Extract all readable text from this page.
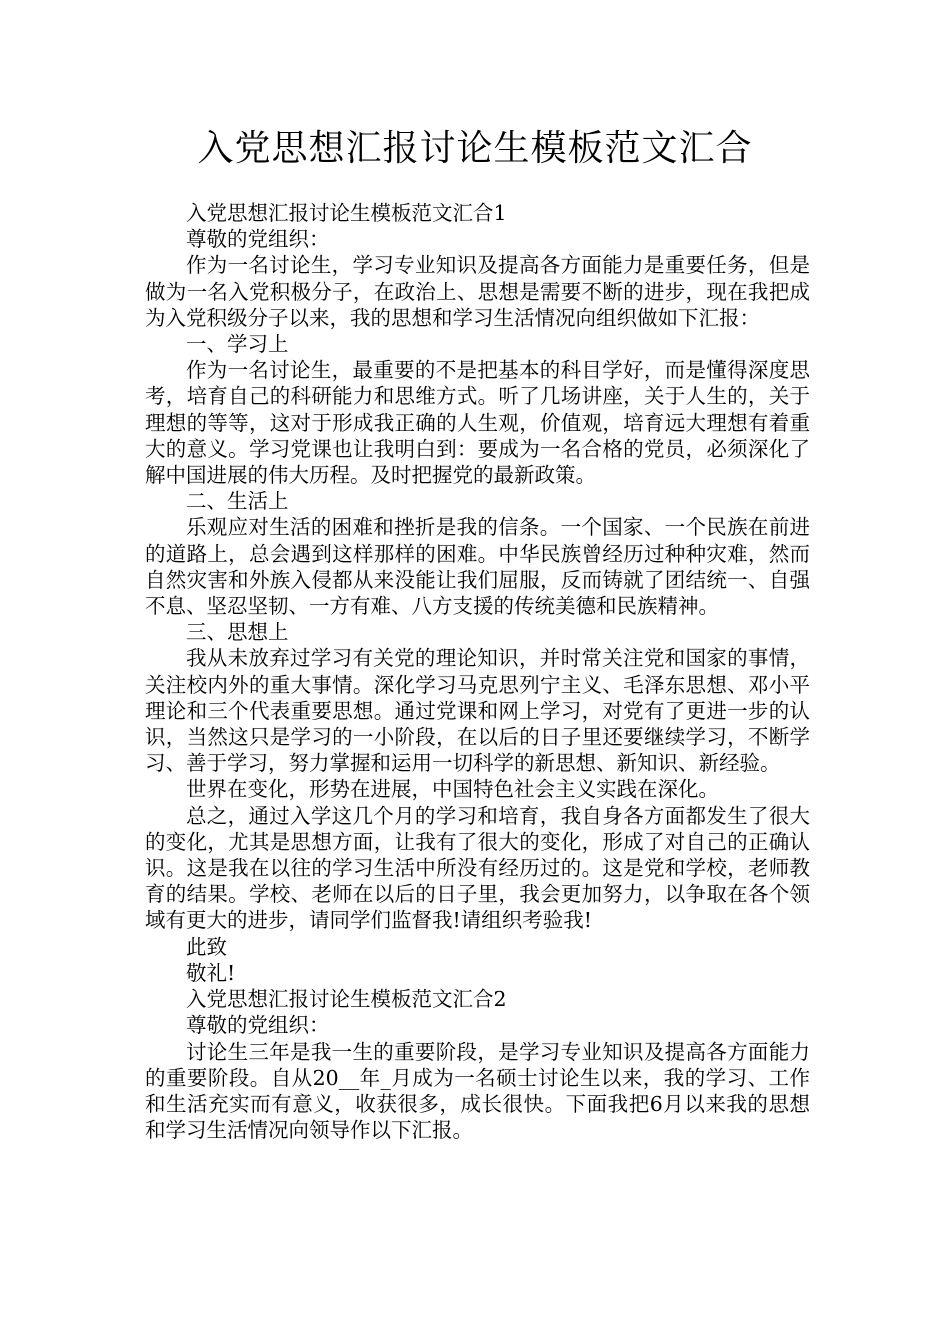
入党思想汇报讨论生模板范文汇合

入党思想汇报讨论生模板范文汇合1

尊敬的党组织：

作为一名讨论生，学习专业知识及提高各方面能力是重要任务，但是做为一名入党积极分子，在政治上、思想是需要不断的进步，现在我把成为入党积级分子以来，我的思想和学习生活情况向组织做如下汇报：

一、学习上

作为一名讨论生，最重要的不是把基本的科目学好，而是懂得深度思考，培育自己的科研能力和思维方式。听了几场讲座，关于人生的，关于理想的等等，这对于形成我正确的人生观，价值观，培育远大理想有着重大的意义。学习党课也让我明白到：要成为一名合格的党员，必须深化了解中国进展的伟大历程。及时把握党的最新政策。

二、生活上

乐观应对生活的困难和挫折是我的信条。一个国家、一个民族在前进的道路上，总会遇到这样那样的困难。中华民族曾经历过种种灾难，然而自然灾害和外族入侵都从来没能让我们屈服，反而铸就了团结统一、自强不息、坚忍坚韧、一方有难、八方支援的传统美德和民族精神。

三、思想上

我从未放弃过学习有关党的理论知识，并时常关注党和国家的事情，关注校内外的重大事情。深化学习马克思列宁主义、毛泽东思想、邓小平理论和三个代表重要思想。通过党课和网上学习，对党有了更进一步的认识，当然这只是学习的一小阶段，在以后的日子里还要继续学习，不断学习、善于学习，努力掌握和运用一切科学的新思想、新知识、新经验。

世界在变化，形势在进展，中国特色社会主义实践在深化。

总之，通过入学这几个月的学习和培育，我自身各方面都发生了很大的变化，尤其是思想方面，让我有了很大的变化，形成了对自己的正确认识。这是我在以往的学习生活中所没有经历过的。这是党和学校，老师教育的结果。学校、老师在以后的日子里，我会更加努力，以争取在各个领域有更大的进步，请同学们监督我!请组织考验我!

此致

敬礼!

入党思想汇报讨论生模板范文汇合2

尊敬的党组织：

讨论生三年是我一生的重要阶段，是学习专业知识及提高各方面能力的重要阶段。自从20__年_月成为一名硕士讨论生以来，我的学习、工作和生活充实而有意义，收获很多，成长很快。下面我把6月以来我的思想和学习生活情况向领导作以下汇报。
